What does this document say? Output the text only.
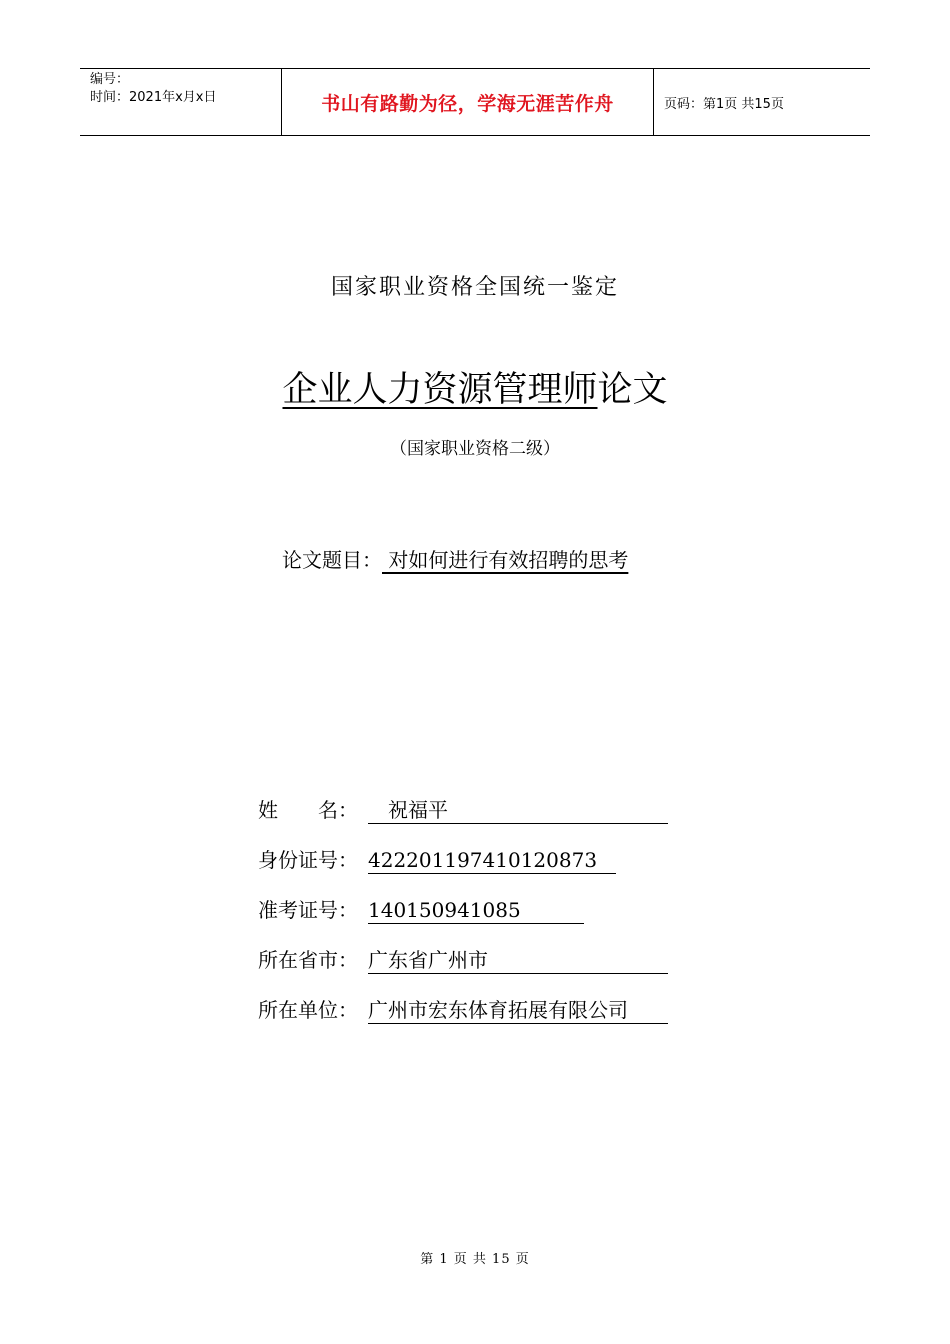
编号：
时间：2021年x月x日	书山有路勤为径，学海无涯苦作舟	页码：第1页 共15页
国家职业资格全国统一鉴定
企业人力资源管理师论文
（国家职业资格二级）
论文题目： 对如何进行有效招聘的思考
姓　　名： 　祝福平
身份证号： 422201197410120873
准考证号： 140150941085
所在省市： 广东省广州市
所在单位： 广州市宏东体育拓展有限公司
第 1 页 共 15 页
